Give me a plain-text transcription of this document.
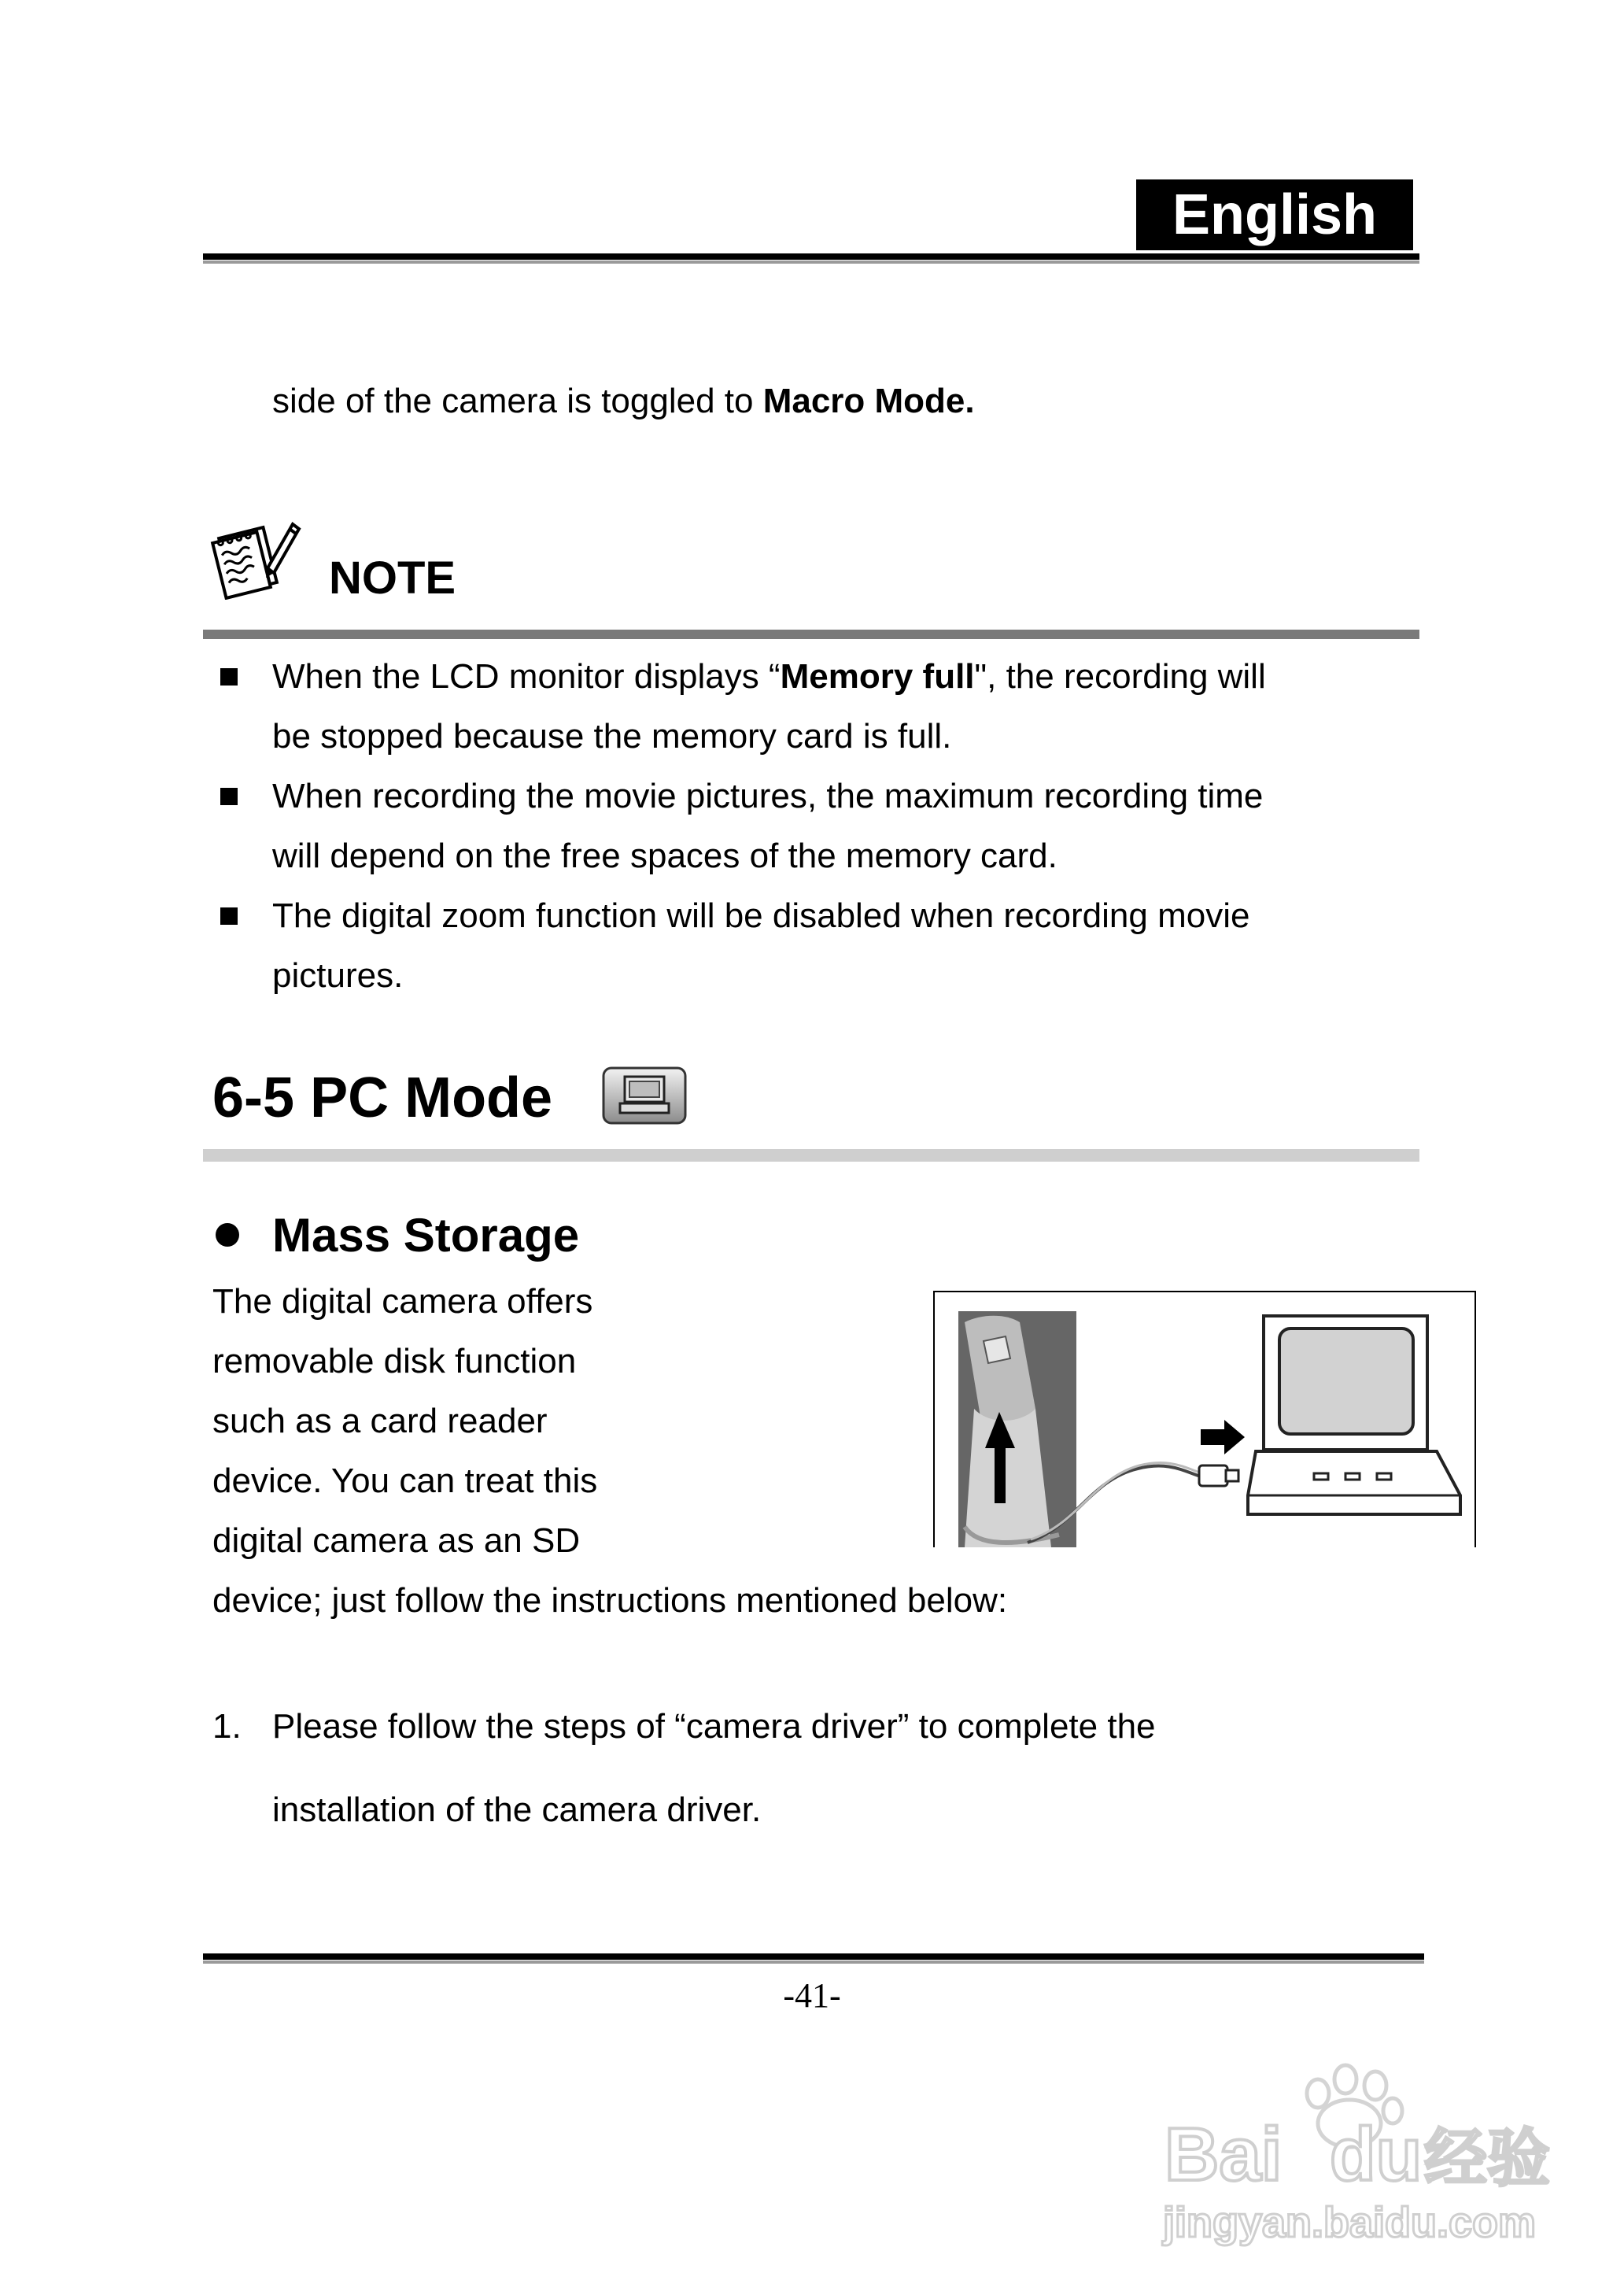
English
side of the camera is toggled to Macro Mode.
NOTE
When the LCD monitor displays “Memory full", the recording will
be stopped because the memory card is full.
When recording the movie pictures, the maximum recording time
will depend on the free spaces of the memory card.
The digital zoom function will be disabled when recording movie
pictures.
6-5 PC Mode
Mass Storage
The digital camera offers
removable disk function
such as a card reader
device. You can treat this
digital camera as an SD
device; just follow the instructions mentioned below:
1. Please follow the steps of “camera driver” to complete the
installation of the camera driver.
-41-
Bai du 经验
jingyan.baidu.com
